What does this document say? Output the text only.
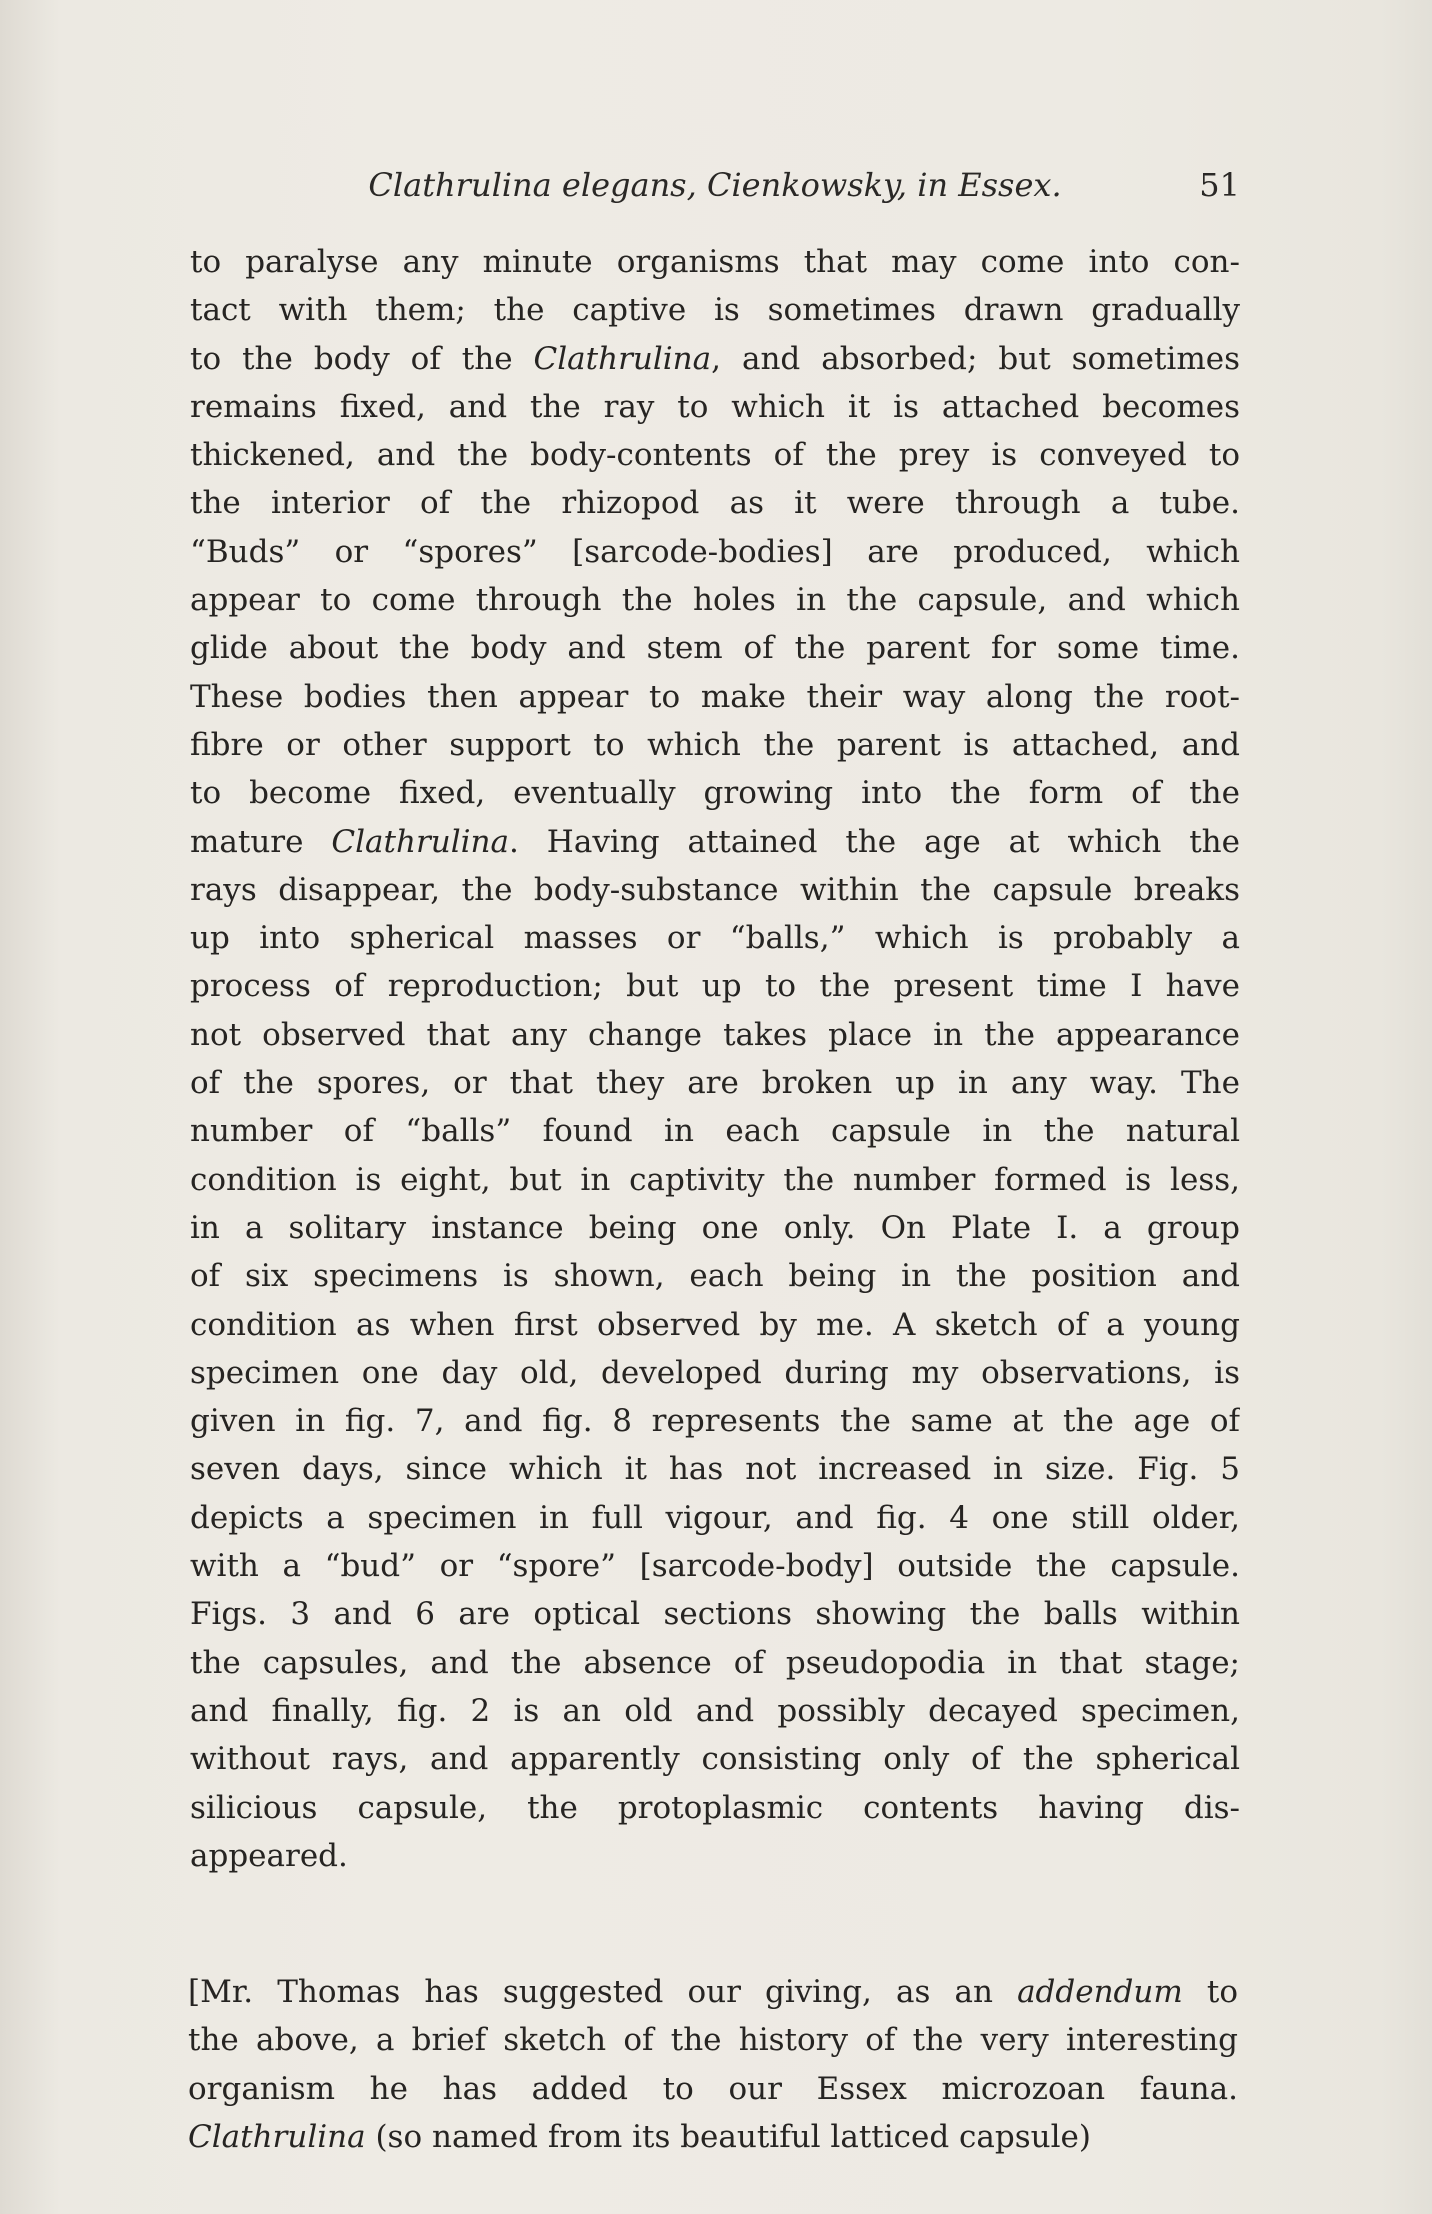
Clathrulina elegans, Cienkowsky, in Essex.	51
to paralyse any minute organisms that may come into con-
tact with them; the captive is sometimes drawn gradually
to the body of the Clathrulina, and absorbed; but sometimes
remains fixed, and the ray to which it is attached becomes
thickened, and the body-contents of the prey is conveyed to
the interior of the rhizopod as it were through a tube.
“Buds” or “spores” [sarcode-bodies] are produced, which
appear to come through the holes in the capsule, and which
glide about the body and stem of the parent for some time.
These bodies then appear to make their way along the root-
fibre or other support to which the parent is attached, and
to become fixed, eventually growing into the form of the
mature Clathrulina. Having attained the age at which the
rays disappear, the body-substance within the capsule breaks
up into spherical masses or “balls,” which is probably a
process of reproduction; but up to the present time I have
not observed that any change takes place in the appearance
of the spores, or that they are broken up in any way. The
number of “balls” found in each capsule in the natural
condition is eight, but in captivity the number formed is less,
in a solitary instance being one only. On Plate I. a group
of six specimens is shown, each being in the position and
condition as when first observed by me. A sketch of a young
specimen one day old, developed during my observations, is
given in fig. 7, and fig. 8 represents the same at the age of
seven days, since which it has not increased in size. Fig. 5
depicts a specimen in full vigour, and fig. 4 one still older,
with a “bud” or “spore” [sarcode-body] outside the capsule.
Figs. 3 and 6 are optical sections showing the balls within
the capsules, and the absence of pseudopodia in that stage;
and finally, fig. 2 is an old and possibly decayed specimen,
without rays, and apparently consisting only of the spherical
silicious capsule, the protoplasmic contents having dis-
appeared.
[Mr. Thomas has suggested our giving, as an addendum to
the above, a brief sketch of the history of the very interesting
organism he has added to our Essex microzoan fauna.
Clathrulina (so named from its beautiful latticed capsule)
